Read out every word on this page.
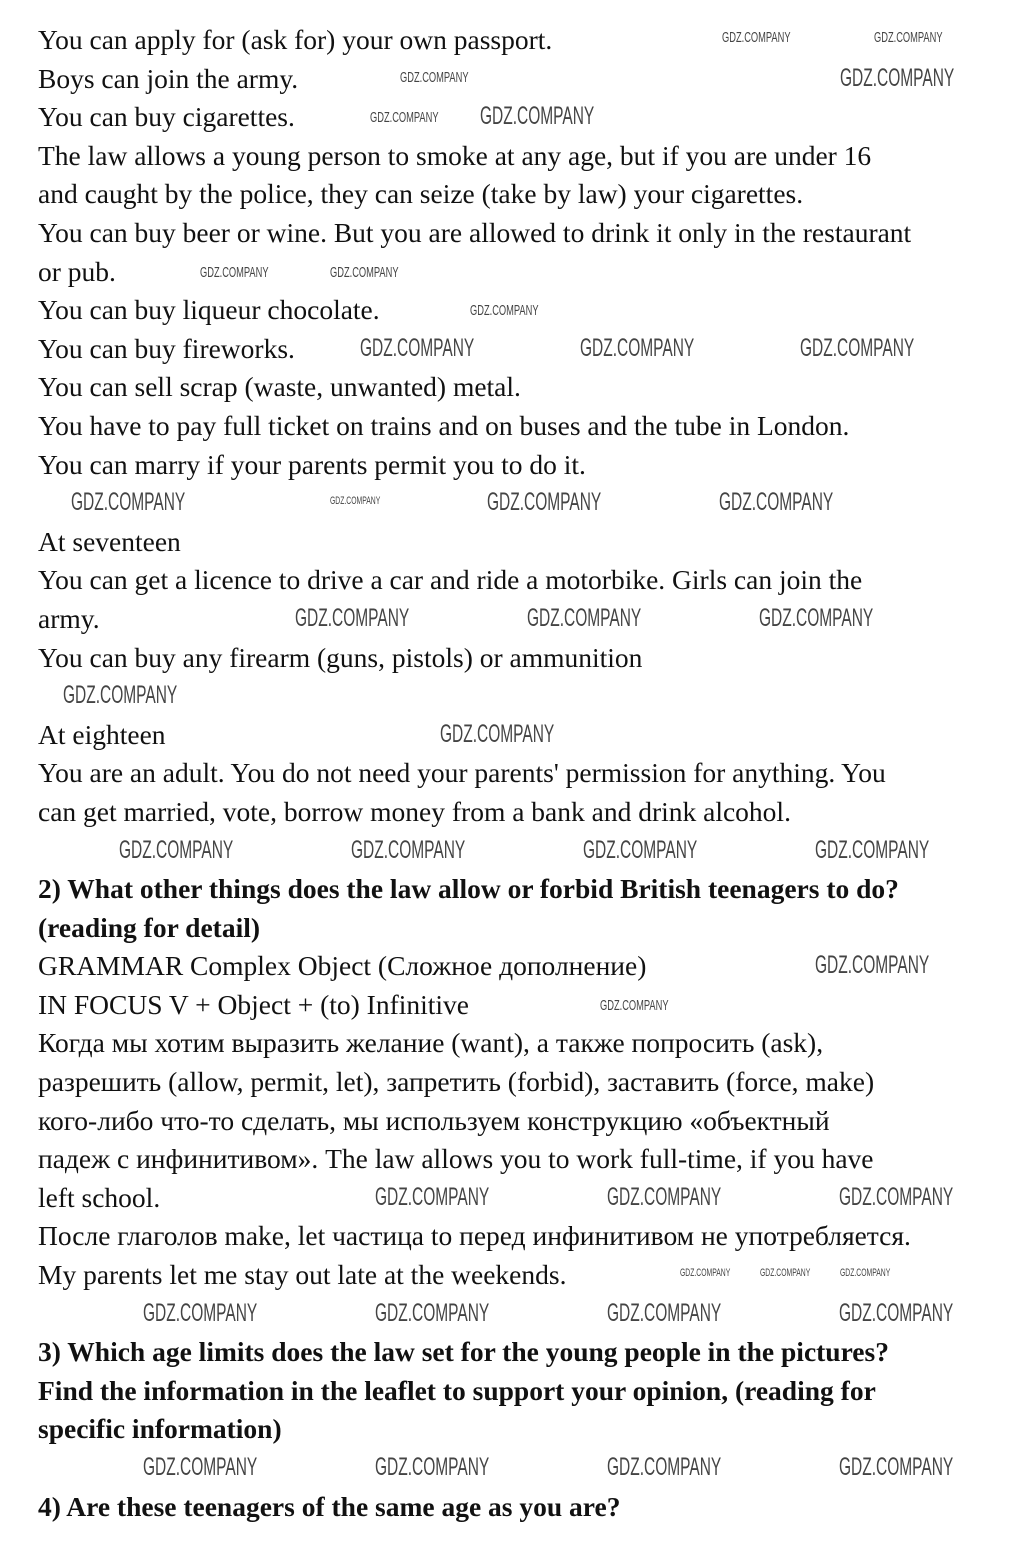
You can apply for (ask for) your own passport.
Boys can join the army.
You can buy cigarettes.
The law allows a young person to smoke at any age, but if you are under 16
and caught by the police, they can seize (take by law) your cigarettes.
You can buy beer or wine. But you are allowed to drink it only in the restaurant
or pub.
You can buy liqueur chocolate.
You can buy fireworks.
You can sell scrap (waste, unwanted) metal.
You have to pay full ticket on trains and on buses and the tube in London.
You can marry if your parents permit you to do it.
At seventeen
You can get a licence to drive a car and ride a motorbike. Girls can join the
army.
You can buy any firearm (guns, pistols) or ammunition
At eighteen
You are an adult. You do not need your parents' permission for anything. You
can get married, vote, borrow money from a bank and drink alcohol.
2) What other things does the law allow or forbid British teenagers to do?
(reading for detail)
GRAMMAR Complex Object (Сложное дополнение)
IN FOCUS V + Object + (to) Infinitive
Когда мы хотим выразить желание (want), а также попросить (ask),
разрешить (allow, permit, let), запретить (forbid), заставить (force, make)
кого-либо что-то сделать, мы используем конструкцию «объектный
падеж с инфинитивом». The law allows you to work full-time, if you have
left school.
После глаголов make, let частица to перед инфинитивом не употребляется.
My parents let me stay out late at the weekends.
3) Which age limits does the law set for the young people in the pictures?
Find the information in the leaflet to support your opinion, (reading for
specific information)
4) Are these teenagers of the same age as you are?
GDZ.COMPANY
GDZ.COMPANY
GDZ.COMPANY	GDZ.COMPANY	GDZ.COMPANY
GDZ.COMPANY	GDZ.COMPANY	GDZ.COMPANY
GDZ.COMPANY	GDZ.COMPANY	GDZ.COMPANY
GDZ.COMPANY
GDZ.COMPANY
GDZ.COMPANY
GDZ.COMPANY	GDZ.COMPANY	GDZ.COMPANY
GDZ.COMPANY
GDZ.COMPANY	GDZ.COMPANY	GDZ.COMPANY
GDZ.COMPANY	GDZ.COMPANY	GDZ.COMPANY	GDZ.COMPANY
GDZ.COMPANY	GDZ.COMPANY	GDZ.COMPANY
GDZ.COMPANY
GDZ.COMPANY	GDZ.COMPANY
GDZ.COMPANY
GDZ.COMPANY
GDZ.COMPANY	GDZ.COMPANY
GDZ.COMPANY
GDZ.COMPANY
GDZ.COMPANY
GDZ.COMPANY	GDZ.COMPANY	GDZ.COMPANY
